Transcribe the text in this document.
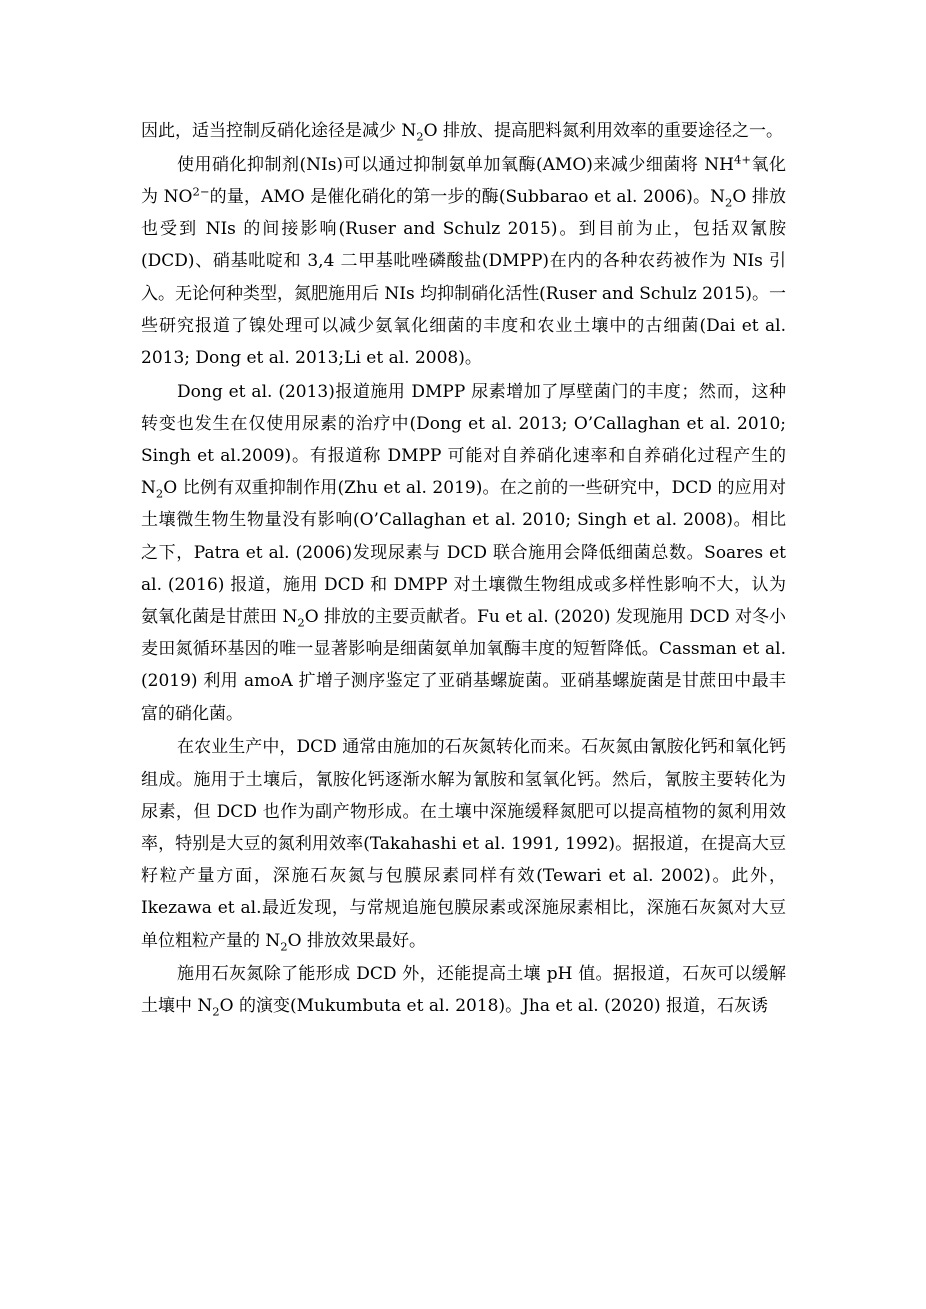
因此，适当控制反硝化途径是减少 $N_2O$ 排放、提高肥料氮利用效率的重要途径之一。

使用硝化抑制剂(NIs)可以通过抑制氨单加氧酶(AMO)来减少细菌将 $NH^{4+}$氧化为 $NO^{2-}$的量，AMO 是催化硝化的第一步的酶(Subbarao et al. 2006)。$N_2O$ 排放也受到 NIs 的间接影响(Ruser and Schulz 2015)。到目前为止，包括双氰胺(DCD)、硝基吡啶和 3,4 二甲基吡唑磷酸盐(DMPP)在内的各种农药被作为 NIs 引入。无论何种类型，氮肥施用后 NIs 均抑制硝化活性(Ruser and Schulz 2015)。一些研究报道了镍处理可以减少氨氧化细菌的丰度和农业土壤中的古细菌(Dai et al. 2013; Dong et al. 2013;Li et al. 2008)。

Dong et al. (2013)报道施用 DMPP 尿素增加了厚壁菌门的丰度；然而，这种转变也发生在仅使用尿素的治疗中(Dong et al. 2013; O’Callaghan et al. 2010; Singh et al.2009)。有报道称 DMPP 可能对自养硝化速率和自养硝化过程产生的 $N_2O$ 比例有双重抑制作用(Zhu et al. 2019)。在之前的一些研究中，DCD 的应用对土壤微生物生物量没有影响(O’Callaghan et al. 2010; Singh et al. 2008)。相比之下，Patra et al. (2006)发现尿素与 DCD 联合施用会降低细菌总数。Soares et al. (2016) 报道，施用 DCD 和 DMPP 对土壤微生物组成或多样性影响不大，认为氨氧化菌是甘蔗田 $N_2O$ 排放的主要贡献者。Fu et al. (2020) 发现施用 DCD 对冬小麦田氮循环基因的唯一显著影响是细菌氨单加氧酶丰度的短暂降低。Cassman et al. (2019) 利用 amoA 扩增子测序鉴定了亚硝基螺旋菌。亚硝基螺旋菌是甘蔗田中最丰富的硝化菌。

在农业生产中，DCD 通常由施加的石灰氮转化而来。石灰氮由氰胺化钙和氧化钙组成。施用于土壤后，氰胺化钙逐渐水解为氰胺和氢氧化钙。然后，氰胺主要转化为尿素，但 DCD 也作为副产物形成。在土壤中深施缓释氮肥可以提高植物的氮利用效率，特别是大豆的氮利用效率(Takahashi et al. 1991, 1992)。据报道，在提高大豆籽粒产量方面，深施石灰氮与包膜尿素同样有效(Tewari et al. 2002)。此外，Ikezawa et al.最近发现，与常规追施包膜尿素或深施尿素相比，深施石灰氮对大豆单位粗粒产量的 $N_2O$ 排放效果最好。

施用石灰氮除了能形成 DCD 外，还能提高土壤 pH 值。据报道，石灰可以缓解土壤中 $N_2O$ 的演变(Mukumbuta et al. 2018)。Jha et al. (2020) 报道，石灰诱
